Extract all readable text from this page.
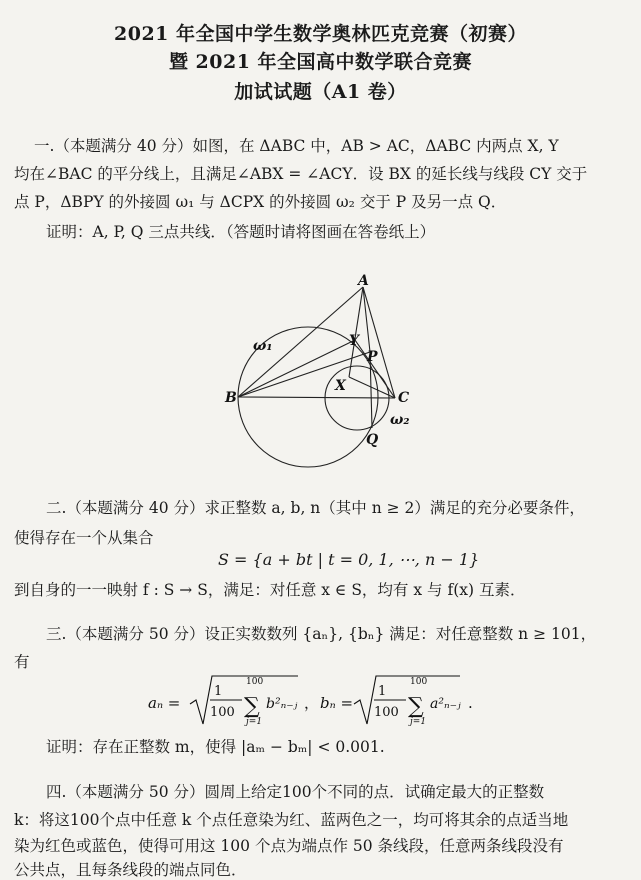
2021 年全国中学生数学奥林匹克竞赛（初赛）
暨 2021 年全国高中数学联合竞赛
加试试题（A1 卷）
一.（本题满分 40 分）如图，在 ΔABC 中，AB > AC，ΔABC 内两点 X, Y
均在∠BAC 的平分线上，且满足∠ABX = ∠ACY．设 BX 的延长线与线段 CY 交于
点 P，ΔBPY 的外接圆 ω₁ 与 ΔCPX 的外接圆 ω₂ 交于 P 及另一点 Q．
证明：A, P, Q 三点共线．（答题时请将图画在答卷纸上）
A
B	C
X
Y
P
Q
ω₁
ω₂
二.（本题满分 40 分）求正整数 a, b, n（其中 n ≥ 2）满足的充分必要条件，
使得存在一个从集合
S = {a + bt | t = 0, 1, ⋯, n − 1}
到自身的一一映射 f : S → S，满足：对任意 x ∈ S，均有 x 与 f(x) 互素．
三.（本题满分 50 分）设正实数数列 {aₙ}, {bₙ} 满足：对任意整数 n ≥ 101，
有
aₙ =
1
100
100
∑
j=1
b²ₙ₋ⱼ ， bₙ =
1
100
100
∑
j=1
a²ₙ₋ⱼ .
证明：存在正整数 m，使得 |aₘ − bₘ| < 0.001.
四.（本题满分 50 分）圆周上给定100个不同的点．试确定最大的正整数
k：将这100个点中任意 k 个点任意染为红、蓝两色之一，均可将其余的点适当地
染为红色或蓝色，使得可用这 100 个点为端点作 50 条线段，任意两条线段没有
公共点，且每条线段的端点同色．
